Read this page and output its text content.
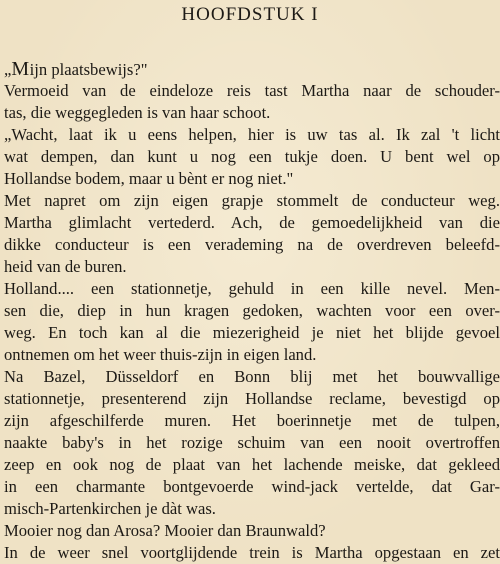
HOOFDSTUK I
„Mijn plaatsbewijs?"
Vermoeid van de eindeloze reis tast Martha naar de schouder-
tas, die weggegleden is van haar schoot.
„Wacht, laat ik u eens helpen, hier is uw tas al. Ik zal 't licht
wat dempen, dan kunt u nog een tukje doen. U bent wel op
Hollandse bodem, maar u bènt er nog niet."
Met napret om zijn eigen grapje stommelt de conducteur weg.
Martha glimlacht vertederd. Ach, de gemoedelijkheid van die
dikke conducteur is een verademing na de overdreven beleefd-
heid van de buren.
Holland.... een stationnetje, gehuld in een kille nevel. Men-
sen die, diep in hun kragen gedoken, wachten voor een over-
weg. En toch kan al die miezerigheid je niet het blijde gevoel
ontnemen om het weer thuis-zijn in eigen land.
Na Bazel, Düsseldorf en Bonn blij met het bouwvallige
stationnetje, presenterend zijn Hollandse reclame, bevestigd op
zijn afgeschilferde muren. Het boerinnetje met de tulpen,
naakte baby's in het rozige schuim van een nooit overtroffen
zeep en ook nog de plaat van het lachende meiske, dat gekleed
in een charmante bontgevoerde wind-jack vertelde, dat Gar-
misch-Partenkirchen je dàt was.
Mooier nog dan Arosa? Mooier dan Braunwald?
In de weer snel voortglijdende trein is Martha opgestaan en zet
